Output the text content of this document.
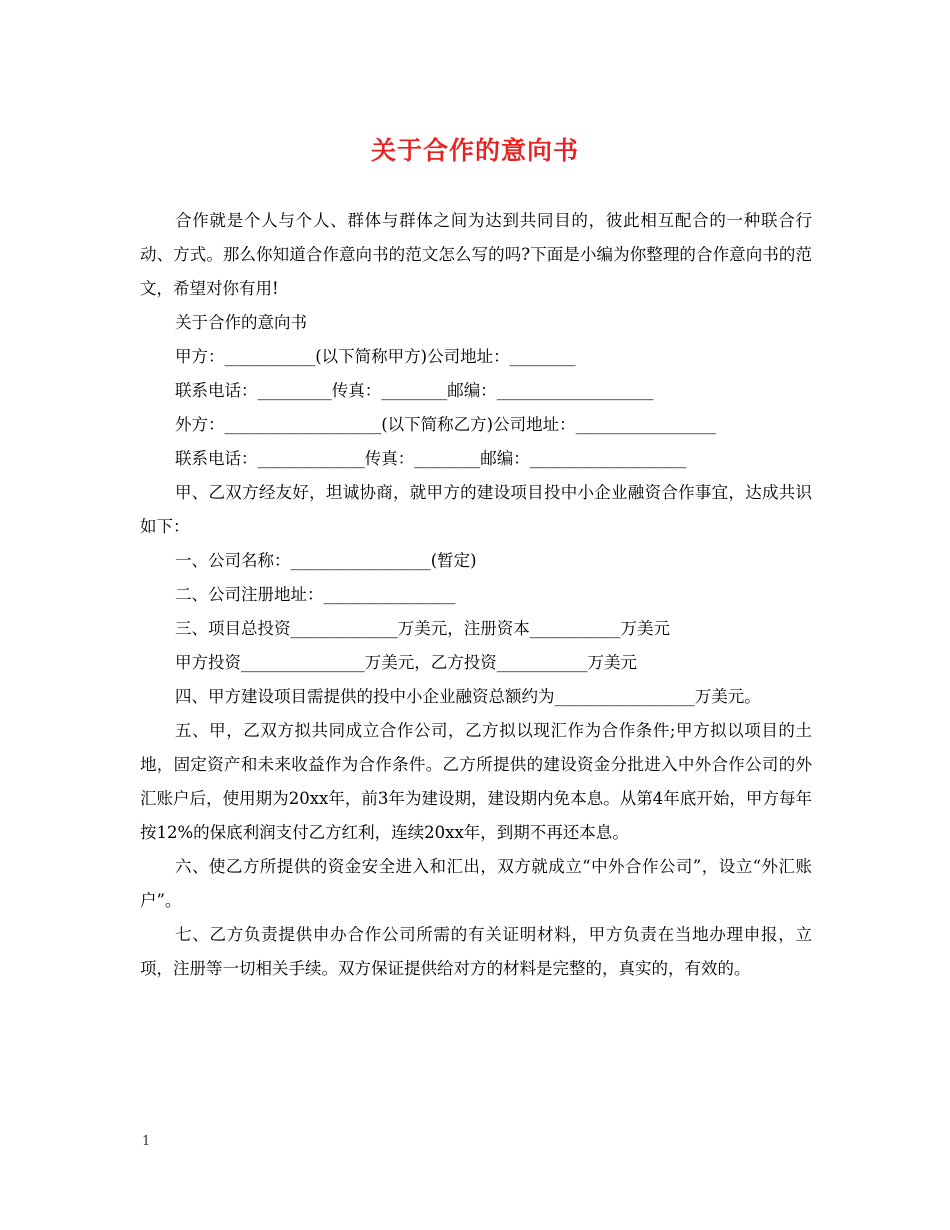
关于合作的意向书

合作就是个人与个人、群体与群体之间为达到共同目的，彼此相互配合的一种联合行动、方式。那么你知道合作意向书的范文怎么写的吗?下面是小编为你整理的合作意向书的范文，希望对你有用!

关于合作的意向书

甲方：___________(以下简称甲方)公司地址：________

联系电话：_________传真：________邮编：___________________

外方：___________________(以下简称乙方)公司地址：_________________

联系电话：_____________传真：________邮编：___________________

甲、乙双方经友好，坦诚协商，就甲方的建设项目投中小企业融资合作事宜，达成共识如下：

一、公司名称：_________________(暂定)

二、公司注册地址：________________

三、项目总投资_____________万美元，注册资本___________万美元

甲方投资_______________万美元，乙方投资___________万美元

四、甲方建设项目需提供的投中小企业融资总额约为_________________万美元。

五、甲，乙双方拟共同成立合作公司，乙方拟以现汇作为合作条件;甲方拟以项目的土地，固定资产和未来收益作为合作条件。乙方所提供的建设资金分批进入中外合作公司的外汇账户后，使用期为20xx年，前3年为建设期，建设期内免本息。从第4年底开始，甲方每年按12%的保底利润支付乙方红利，连续20xx年，到期不再还本息。

六、使乙方所提供的资金安全进入和汇出，双方就成立“中外合作公司”，设立“外汇账户”。

七、乙方负责提供申办合作公司所需的有关证明材料，甲方负责在当地办理申报，立项，注册等一切相关手续。双方保证提供给对方的材料是完整的，真实的，有效的。

1
